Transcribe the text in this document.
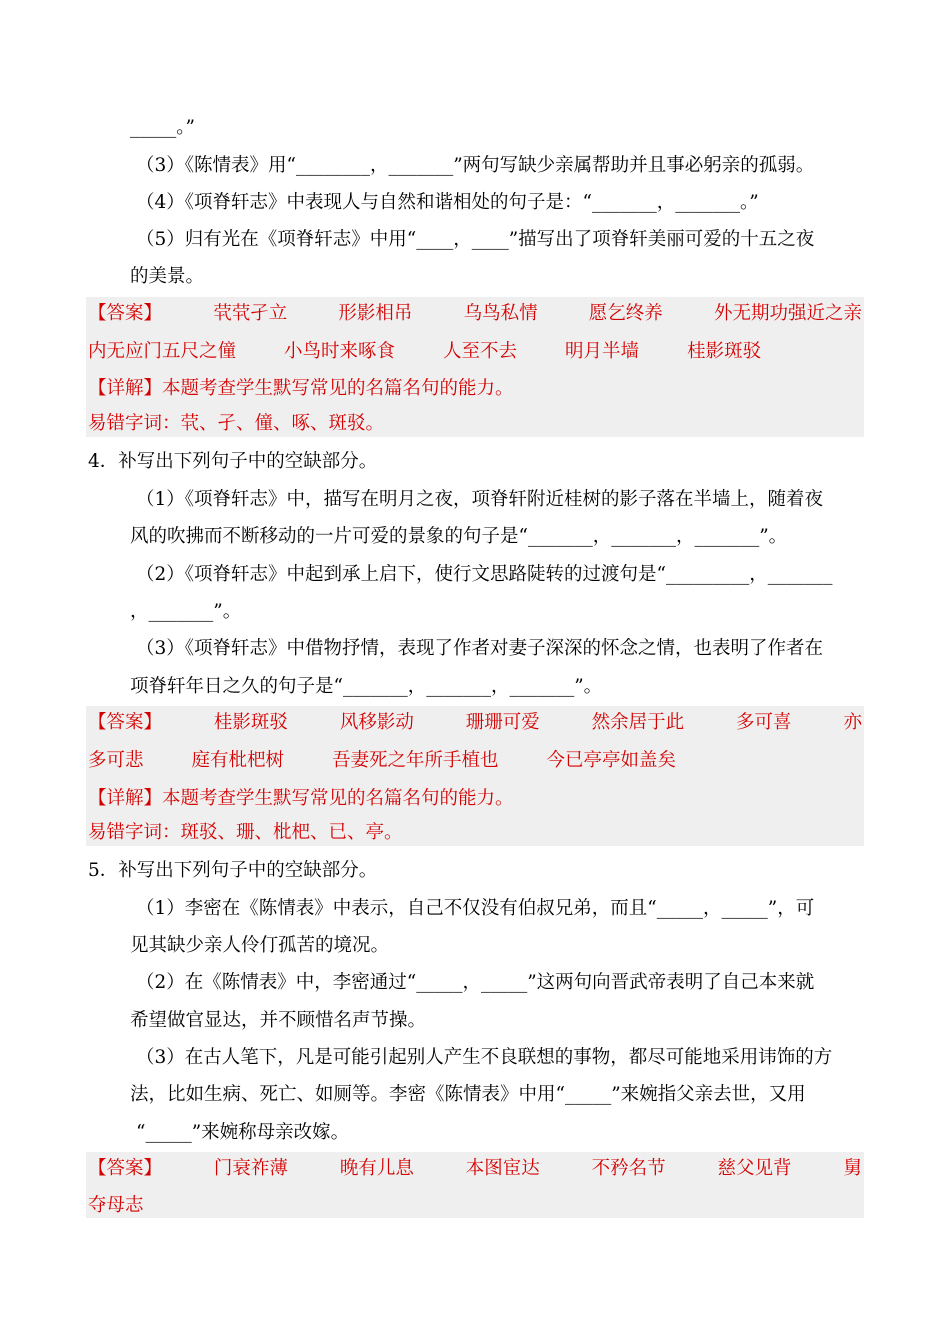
_____。”
（3）《陈情表》用“________，_______”两句写缺少亲属帮助并且事必躬亲的孤弱。
（4）《项脊轩志》中表现人与自然和谐相处的句子是：“_______，_______。”
（5）归有光在《项脊轩志》中用“____，____”描写出了项脊轩美丽可爱的十五之夜
的美景。
【答案】	茕茕孑立	形影相吊	乌鸟私情	愿乞终养	外无期功强近之亲
内无应门五尺之僮	小鸟时来啄食	人至不去	明月半墙	桂影斑驳
【详解】本题考查学生默写常见的名篇名句的能力。
易错字词：茕、孑、僮、啄、斑驳。
4．补写出下列句子中的空缺部分。
（1）《项脊轩志》中，描写在明月之夜，项脊轩附近桂树的影子落在半墙上，随着夜
风的吹拂而不断移动的一片可爱的景象的句子是“_______，_______，_______”。
（2）《项脊轩志》中起到承上启下，使行文思路陡转的过渡句是“_________，_______
，_______”。
（3）《项脊轩志》中借物抒情，表现了作者对妻子深深的怀念之情，也表明了作者在
项脊轩年日之久的句子是“_______，_______，_______”。
【答案】	桂影斑驳	风移影动	珊珊可爱	然余居于此	多可喜	亦
多可悲	庭有枇杷树	吾妻死之年所手植也	今已亭亭如盖矣
【详解】本题考查学生默写常见的名篇名句的能力。
易错字词：斑驳、珊、枇杷、已、亭。
5．补写出下列句子中的空缺部分。
（1）李密在《陈情表》中表示，自己不仅没有伯叔兄弟，而且“_____，_____”，可
见其缺少亲人伶仃孤苦的境况。
（2）在《陈情表》中，李密通过“_____，_____”这两句向晋武帝表明了自己本来就
希望做官显达，并不顾惜名声节操。
（3）在古人笔下，凡是可能引起别人产生不良联想的事物，都尽可能地采用讳饰的方
法，比如生病、死亡、如厕等。李密《陈情表》中用“_____”来婉指父亲去世，又用
“_____”来婉称母亲改嫁。
【答案】	门衰祚薄	晚有儿息	本图宦达	不矜名节	慈父见背	舅
夺母志
